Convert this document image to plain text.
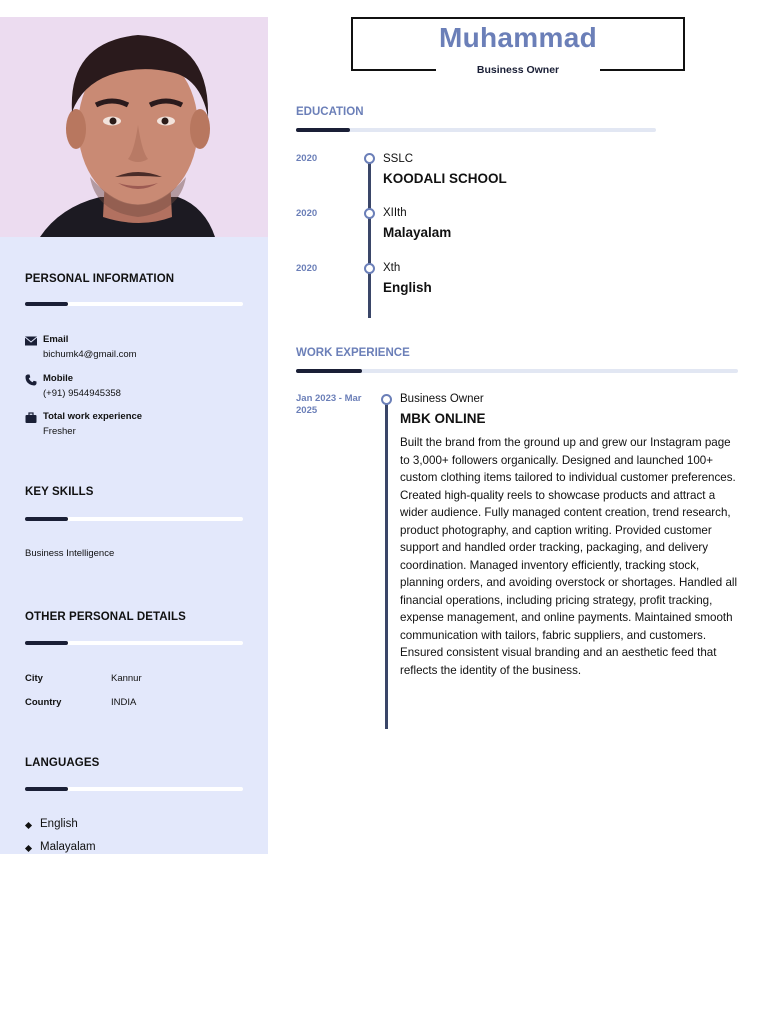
PERSONAL INFORMATION
Email
bichumk4@gmail.com
Mobile
(+91) 9544945358
Total work experience
Fresher
KEY SKILLS
Business Intelligence
OTHER PERSONAL DETAILS
City	Kannur
Country	INDIA
LANGUAGES
English
Malayalam
Muhammad
Business Owner
EDUCATION
2020	SSLC
KOODALI SCHOOL
2020	XIIth
Malayalam
2020	Xth
English
WORK EXPERIENCE
Jan 2023 - Mar
2025
Business Owner
MBK ONLINE
Built the brand from the ground up and grew our Instagram page to 3,000+ followers organically. Designed and launched 100+ custom clothing items tailored to individual customer preferences. Created high-quality reels to showcase products and attract a wider audience. Fully managed content creation, trend research, product photography, and caption writing. Provided customer support and handled order tracking, packaging, and delivery coordination. Managed inventory efficiently, tracking stock, planning orders, and avoiding overstock or shortages. Handled all financial operations, including pricing strategy, profit tracking, expense management, and online payments. Maintained smooth communication with tailors, fabric suppliers, and customers. Ensured consistent visual branding and an aesthetic feed that reflects the identity of the business.
